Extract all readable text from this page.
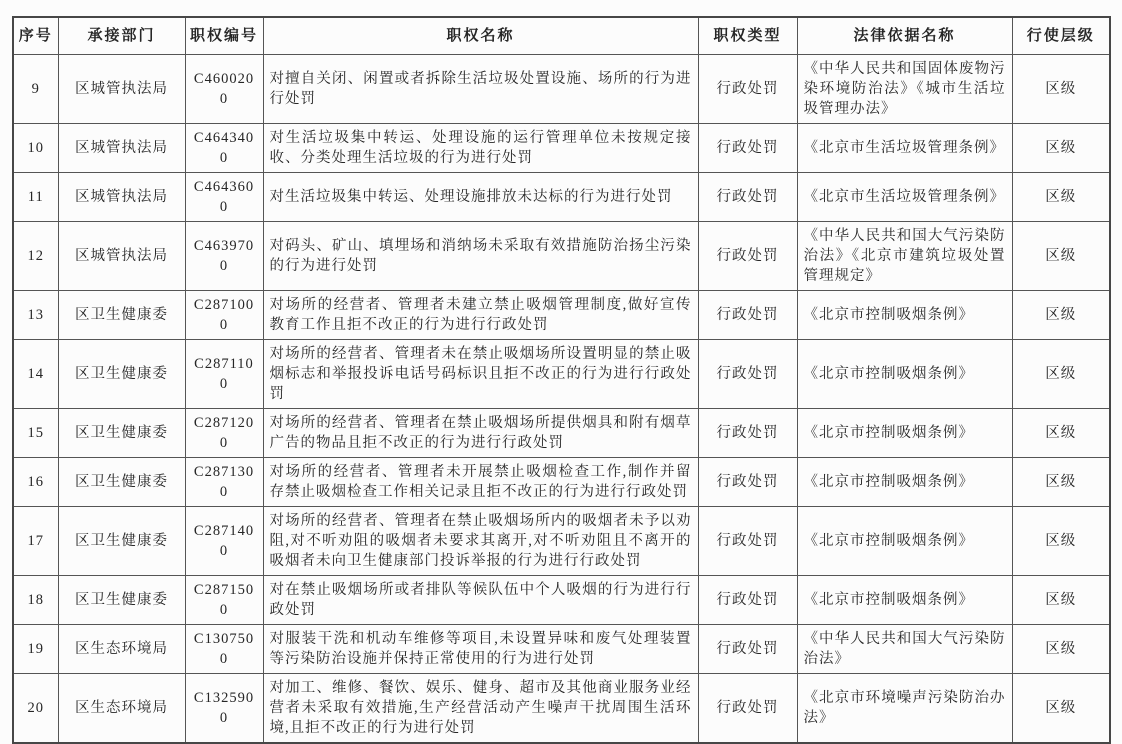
序号	承接部门	职权编号	职权名称	职权类型	法律依据名称	行使层级
9	区城管执法局	C4600200	对擅自关闭、闲置或者拆除生活垃圾处置设施、场所的行为进行处罚	行政处罚	《中华人民共和国固体废物污染环境防治法》《城市生活垃圾管理办法》	区级
10	区城管执法局	C4643400	对生活垃圾集中转运、处理设施的运行管理单位未按规定接收、分类处理生活垃圾的行为进行处罚	行政处罚	《北京市生活垃圾管理条例》	区级
11	区城管执法局	C4643600	对生活垃圾集中转运、处理设施排放未达标的行为进行处罚	行政处罚	《北京市生活垃圾管理条例》	区级
12	区城管执法局	C4639700	对码头、矿山、填埋场和消纳场未采取有效措施防治扬尘污染的行为进行处罚	行政处罚	《中华人民共和国大气污染防治法》《北京市建筑垃圾处置管理规定》	区级
13	区卫生健康委	C2871000	对场所的经营者、管理者未建立禁止吸烟管理制度,做好宣传教育工作且拒不改正的行为进行行政处罚	行政处罚	《北京市控制吸烟条例》	区级
14	区卫生健康委	C2871100	对场所的经营者、管理者未在禁止吸烟场所设置明显的禁止吸烟标志和举报投诉电话号码标识且拒不改正的行为进行行政处罚	行政处罚	《北京市控制吸烟条例》	区级
15	区卫生健康委	C2871200	对场所的经营者、管理者在禁止吸烟场所提供烟具和附有烟草广告的物品且拒不改正的行为进行行政处罚	行政处罚	《北京市控制吸烟条例》	区级
16	区卫生健康委	C2871300	对场所的经营者、管理者未开展禁止吸烟检查工作,制作并留存禁止吸烟检查工作相关记录且拒不改正的行为进行行政处罚	行政处罚	《北京市控制吸烟条例》	区级
17	区卫生健康委	C2871400	对场所的经营者、管理者在禁止吸烟场所内的吸烟者未予以劝阻,对不听劝阻的吸烟者未要求其离开,对不听劝阻且不离开的吸烟者未向卫生健康部门投诉举报的行为进行行政处罚	行政处罚	《北京市控制吸烟条例》	区级
18	区卫生健康委	C2871500	对在禁止吸烟场所或者排队等候队伍中个人吸烟的行为进行行政处罚	行政处罚	《北京市控制吸烟条例》	区级
19	区生态环境局	C1307500	对服装干洗和机动车维修等项目,未设置异味和废气处理装置等污染防治设施并保持正常使用的行为进行处罚	行政处罚	《中华人民共和国大气污染防治法》	区级
20	区生态环境局	C1325900	对加工、维修、餐饮、娱乐、健身、超市及其他商业服务业经营者未采取有效措施,生产经营活动产生噪声干扰周围生活环境,且拒不改正的行为进行处罚	行政处罚	《北京市环境噪声污染防治办法》	区级
